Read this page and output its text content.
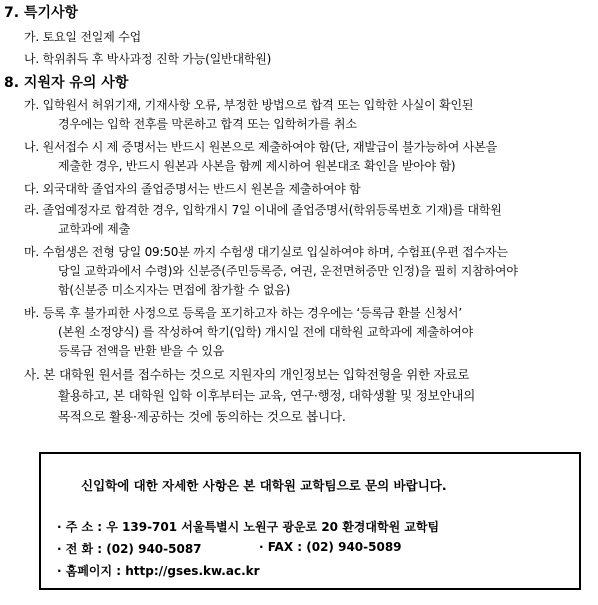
7. 특기사항
가. 토요일 전일제 수업
나. 학위취득 후 박사과정 진학 가능(일반대학원)
8. 지원자 유의 사항
가. 입학원서 허위기재, 기재사항 오류, 부정한 방법으로 합격 또는 입학한 사실이 확인된
경우에는 입학 전후를 막론하고 합격 또는 입학허가를 취소
나. 원서접수 시 제 증명서는 반드시 원본으로 제출하여야 함(단, 재발급이 불가능하여 사본을
제출한 경우, 반드시 원본과 사본을 함께 제시하여 원본대조 확인을 받아야 함)
다. 외국대학 졸업자의 졸업증명서는 반드시 원본을 제출하여야 함
라. 졸업예정자로 합격한 경우, 입학개시 7일 이내에 졸업증명서(학위등록번호 기재)를 대학원
교학과에 제출
마. 수험생은 전형 당일 09:50분 까지 수험생 대기실로 입실하여야 하며, 수험표(우편 접수자는
당일 교학과에서 수령)와 신분증(주민등록증, 여권, 운전면허증만 인정)을 필히 지참하여야
함(신분증 미소지자는 면접에 참가할 수 없음)
바. 등록 후 불가피한 사정으로 등록을 포기하고자 하는 경우에는 ‘등록금 환불 신청서’
(본원 소정양식) 를 작성하여 학기(입학) 개시일 전에 대학원 교학과에 제출하여야
등록금 전액을 반환 받을 수 있음
사. 본 대학원 원서를 접수하는 것으로 지원자의 개인정보는 입학전형을 위한 자료로
활용하고, 본 대학원 입학 이후부터는 교육, 연구·행정, 대학생활 및 정보안내의
목적으로 활용·제공하는 것에 동의하는 것으로 봅니다.
신입학에 대한 자세한 사항은 본 대학원 교학팀으로 문의 바랍니다.
· 주 소 : 우 139-701 서울특별시 노원구 광운로 20 환경대학원 교학팀
· 전 화 : (02) 940-5087	· FAX : (02) 940-5089
· 홈페이지 : http://gses.kw.ac.kr
